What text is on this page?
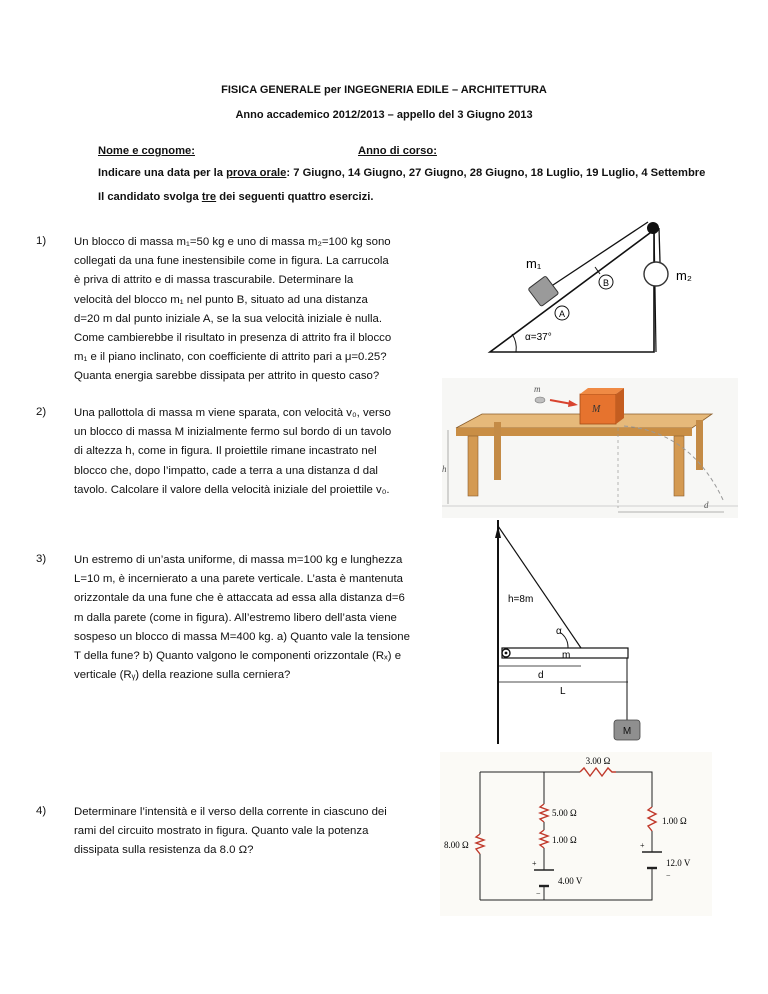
FISICA GENERALE per INGEGNERIA EDILE – ARCHITETTURA
Anno accademico 2012/2013 – appello del 3 Giugno 2013
Nome e cognome:	Anno di corso:
Indicare una data per la prova orale: 7 Giugno, 14 Giugno, 27 Giugno, 28 Giugno, 18 Luglio, 19 Luglio, 4 Settembre
Il candidato svolga tre dei seguenti quattro esercizi.
1) Un blocco di massa m₁=50 kg e uno di massa m₂=100 kg sono
collegati da una fune inestensibile come in figura. La carrucola
è priva di attrito e di massa trascurabile. Determinare la
velocità del blocco m₁ nel punto B, situato ad una distanza
d=20 m dal punto iniziale A, se la sua velocità iniziale è nulla.
Come cambierebbe il risultato in presenza di attrito fra il blocco
m₁ e il piano inclinato, con coefficiente di attrito pari a μ=0.25?
Quanta energia sarebbe dissipata per attrito in questo caso?
m₁
m₂
B
A
α=37°
2) Una pallottola di massa m viene sparata, con velocità v₀, verso
un blocco di massa M inizialmente fermo sul bordo di un tavolo
di altezza h, come in figura. Il proiettile rimane incastrato nel
blocco che, dopo l’impatto, cade a terra a una distanza d dal
tavolo. Calcolare il valore della velocità iniziale del proiettile v₀.
M
m
h
d
3) Un estremo di un’asta uniforme, di massa m=100 kg e lunghezza
L=10 m, è incernierato a una parete verticale. L’asta è mantenuta
orizzontale da una fune che è attaccata ad essa alla distanza d=6
m dalla parete (come in figura). All’estremo libero dell’asta viene
sospeso un blocco di massa M=400 kg. a) Quanto vale la tensione
T della fune? b) Quanto valgono le componenti orizzontale (Rₓ) e
verticale (Rᵧ) della reazione sulla cerniera?
h=8m
α
m
d
L
M
4) Determinare l’intensità e il verso della corrente in ciascuno dei
rami del circuito mostrato in figura. Quanto vale la potenza
dissipata sulla resistenza da 8.0 Ω?
3.00 Ω
5.00 Ω
1.00 Ω
8.00 Ω	1.00 Ω
12.0 V
+
−
4.00 V
+
−
